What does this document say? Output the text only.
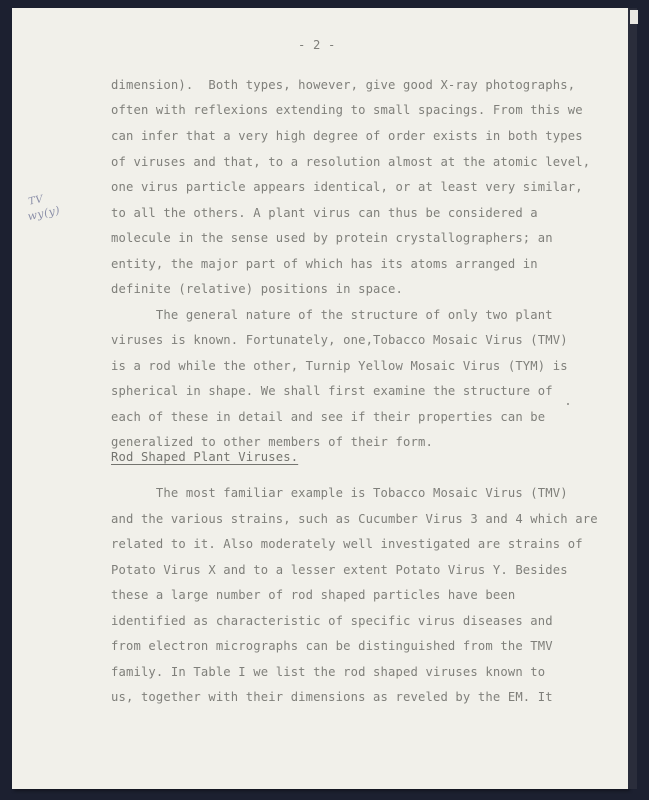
- 2 -
dimension).  Both types, however, give good X-ray photographs,
often with reflexions extending to small spacings. From this we
can infer that a very high degree of order exists in both types
of viruses and that, to a resolution almost at the atomic level,
one virus particle appears identical, or at least very similar,
to all the others. A plant virus can thus be considered a
molecule in the sense used by protein crystallographers; an
entity, the major part of which has its atoms arranged in
definite (relative) positions in space.
The general nature of the structure of only two plant
viruses is known. Fortunately, one,Tobacco Mosaic Virus (TMV)
is a rod while the other, Turnip Yellow Mosaic Virus (TYM) is
spherical in shape. We shall first examine the structure of
each of these in detail and see if their properties can be
generalized to other members of their form.
Rod Shaped Plant Viruses.
The most familiar example is Tobacco Mosaic Virus (TMV)
and the various strains, such as Cucumber Virus 3 and 4 which are
related to it. Also moderately well investigated are strains of
Potato Virus X and to a lesser extent Potato Virus Y. Besides
these a large number of rod shaped particles have been
identified as characteristic of specific virus diseases and
from electron micrographs can be distinguished from the TMV
family. In Table I we list the rod shaped viruses known to
us, together with their dimensions as reveled by the EM. It
TV
wy(y)
